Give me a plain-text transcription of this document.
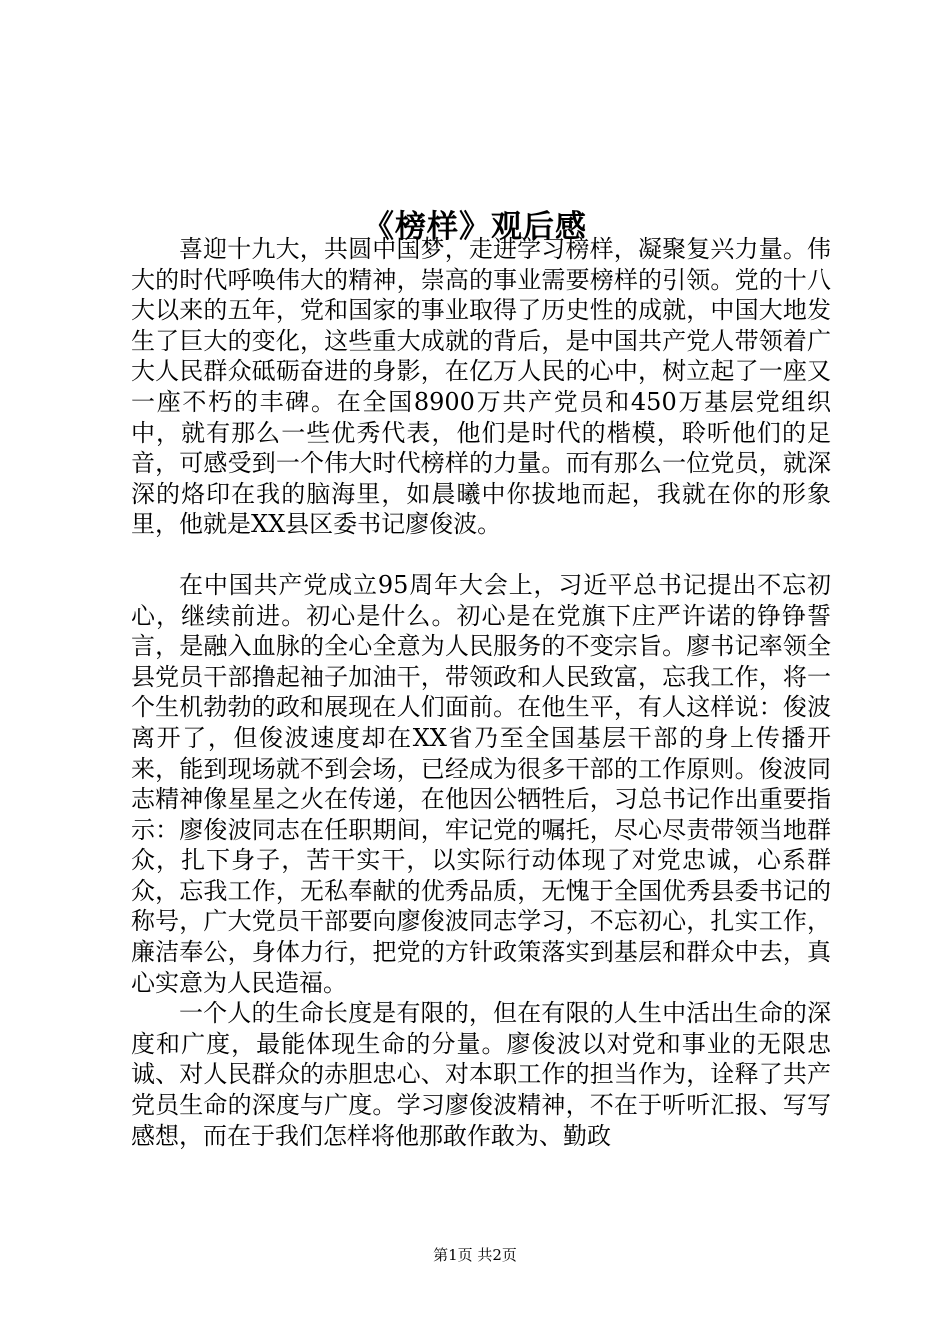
《榜样》观后感

喜迎十九大，共圆中国梦，走进学习榜样，凝聚复兴力量。伟大的时代呼唤伟大的精神，崇高的事业需要榜样的引领。党的十八大以来的五年，党和国家的事业取得了历史性的成就，中国大地发生了巨大的变化，这些重大成就的背后，是中国共产党人带领着广大人民群众砥砺奋进的身影，在亿万人民的心中，树立起了一座又一座不朽的丰碑。在全国8900万共产党员和450万基层党组织中，就有那么一些优秀代表，他们是时代的楷模，聆听他们的足音，可感受到一个伟大时代榜样的力量。而有那么一位党员，就深深的烙印在我的脑海里，如晨曦中你拔地而起，我就在你的形象里，他就是XX县区委书记廖俊波。

在中国共产党成立95周年大会上，习近平总书记提出不忘初心，继续前进。初心是什么。初心是在党旗下庄严许诺的铮铮誓言，是融入血脉的全心全意为人民服务的不变宗旨。廖书记率领全县党员干部撸起袖子加油干，带领政和人民致富，忘我工作，将一个生机勃勃的政和展现在人们面前。在他生平，有人这样说：俊波离开了，但俊波速度却在XX省乃至全国基层干部的身上传播开来，能到现场就不到会场，已经成为很多干部的工作原则。俊波同志精神像星星之火在传递，在他因公牺牲后，习总书记作出重要指示：廖俊波同志在任职期间，牢记党的嘱托，尽心尽责带领当地群众，扎下身子，苦干实干，以实际行动体现了对党忠诚，心系群众，忘我工作，无私奉献的优秀品质，无愧于全国优秀县委书记的称号，广大党员干部要向廖俊波同志学习，不忘初心，扎实工作，廉洁奉公，身体力行，把党的方针政策落实到基层和群众中去，真心实意为人民造福。

一个人的生命长度是有限的，但在有限的人生中活出生命的深度和广度，最能体现生命的分量。廖俊波以对党和事业的无限忠诚、对人民群众的赤胆忠心、对本职工作的担当作为，诠释了共产党员生命的深度与广度。学习廖俊波精神，不在于听听汇报、写写感想，而在于我们怎样将他那敢作敢为、勤政

第1页 共2页
